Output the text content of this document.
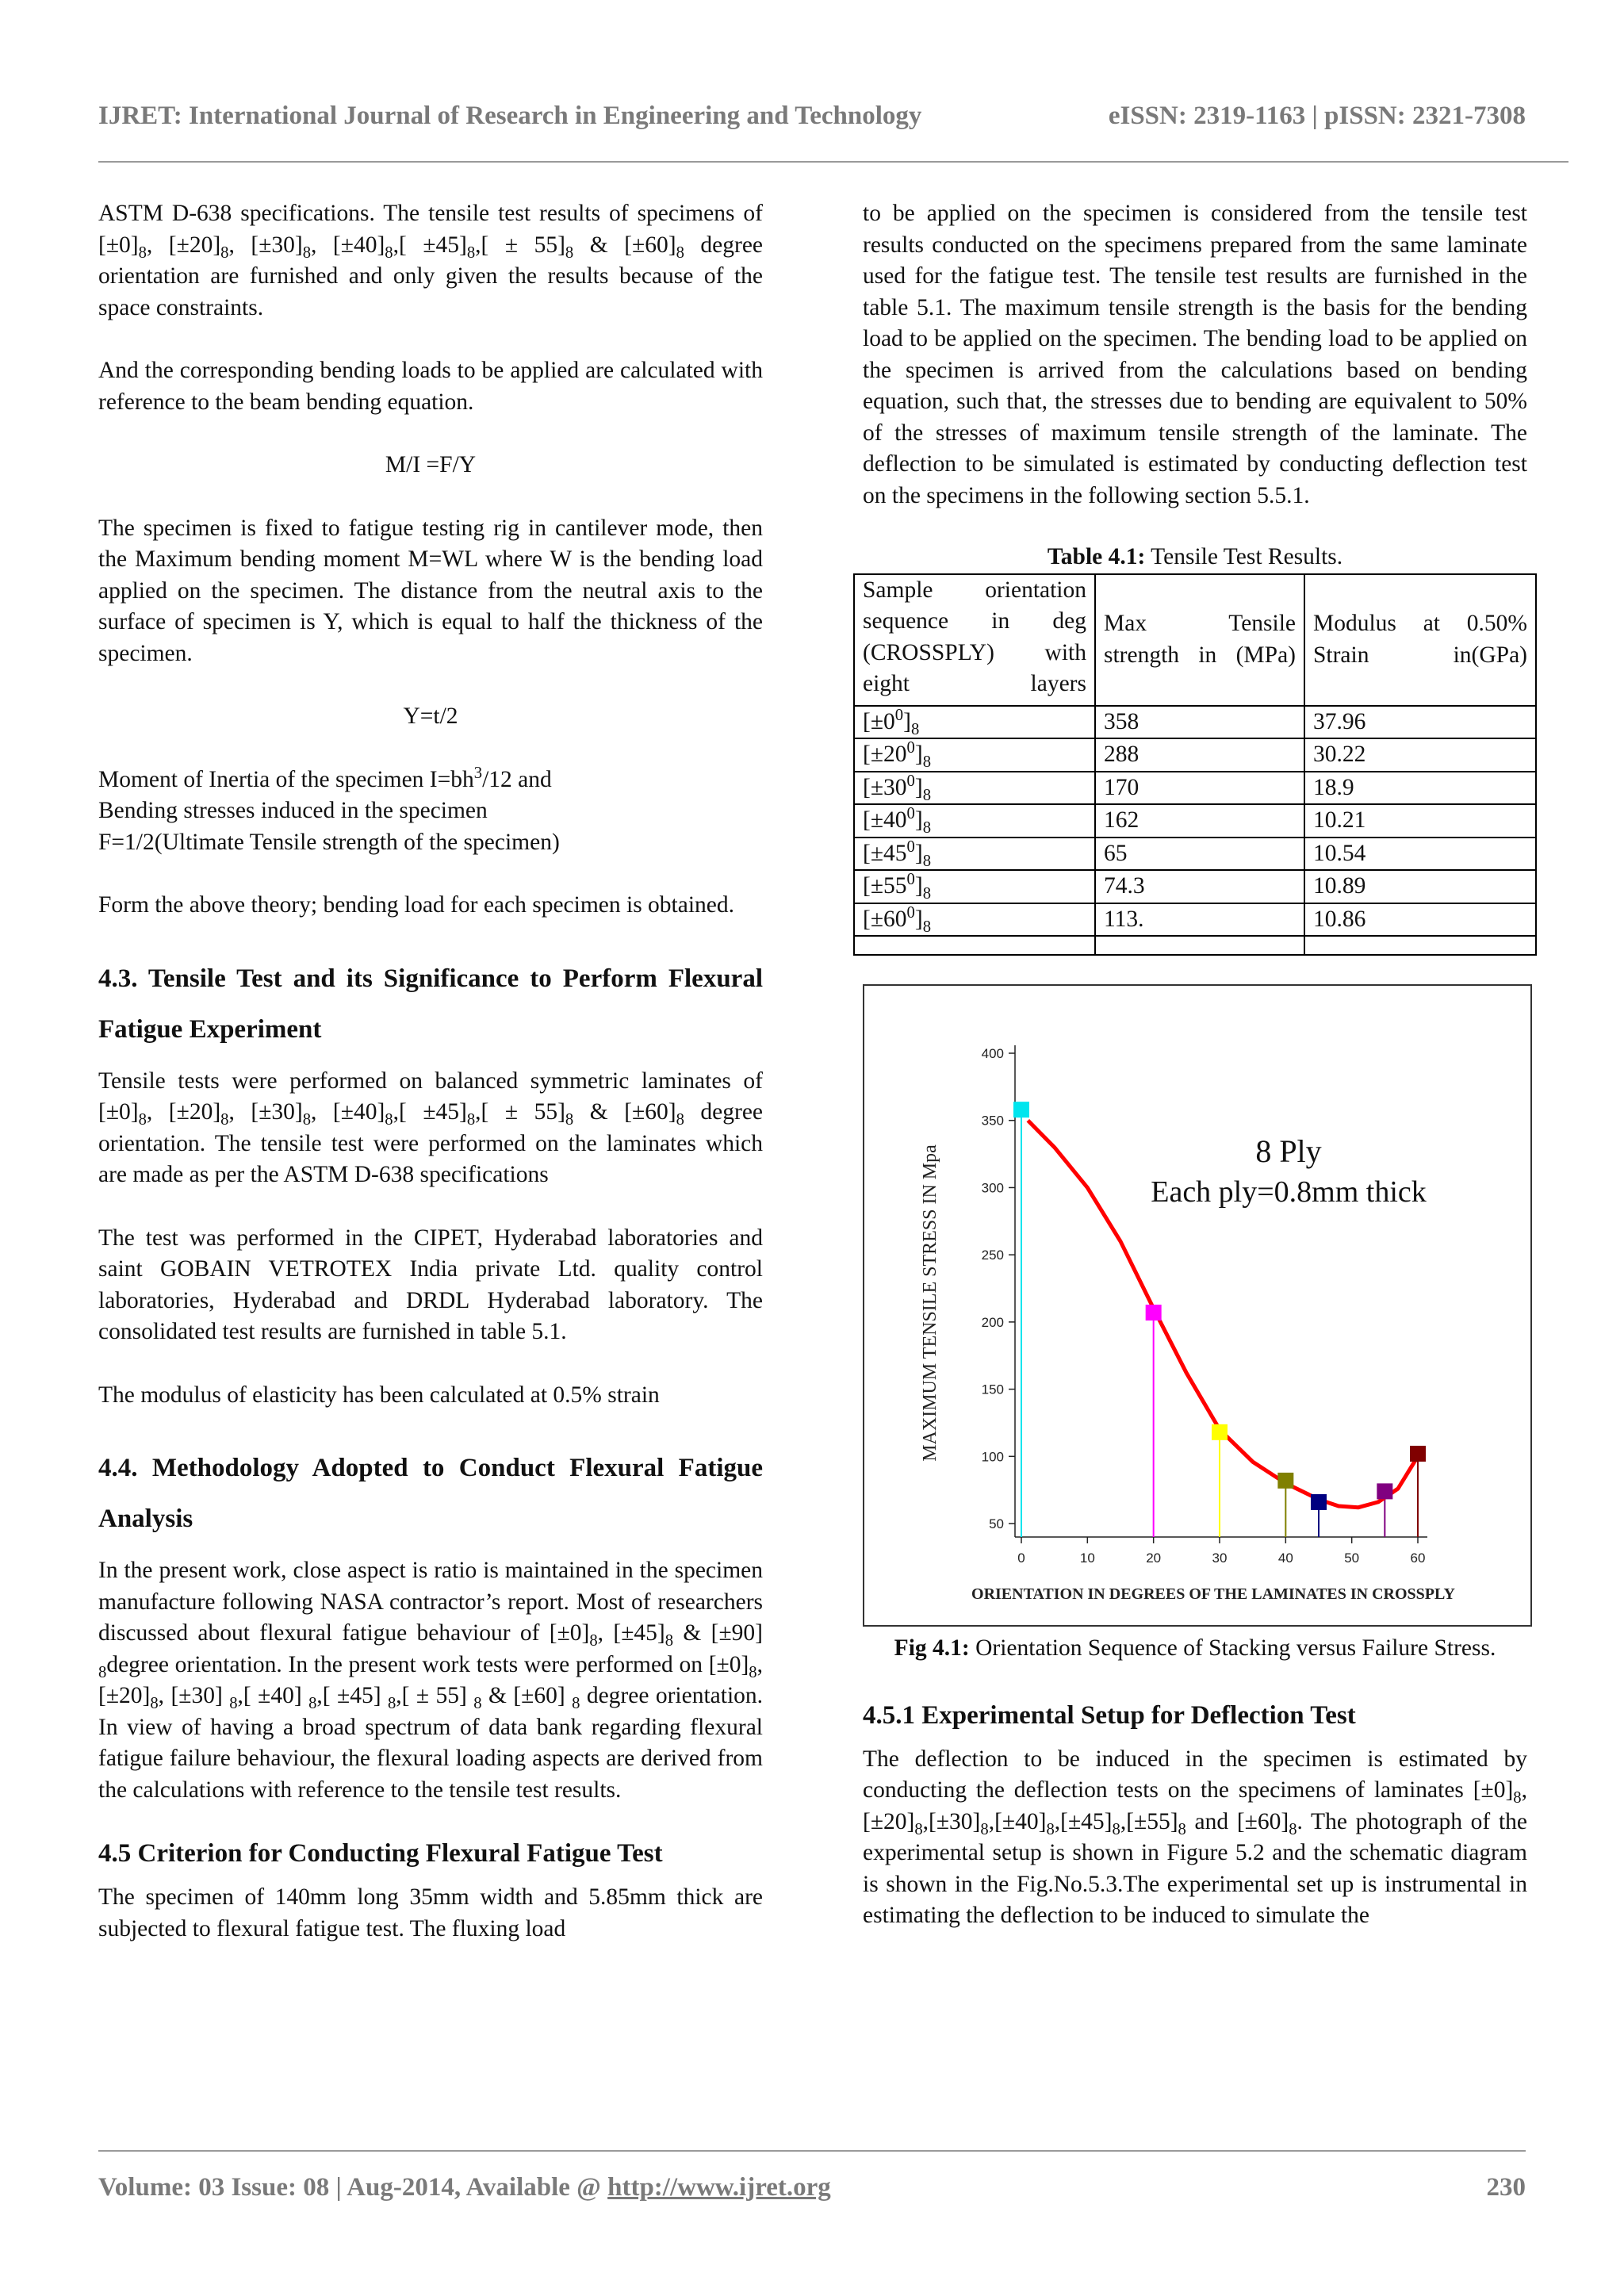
IJRET: International Journal of Research in Engineering and Technology	eISSN: 2319-1163 | pISSN: 2321-7308

ASTM D-638 specifications. The tensile test results of specimens of $[\pm 0]_8$, $[\pm 20]_8$, $[\pm 30]_8$, $[\pm 40]_8,[ \pm 45]_8,[ \pm 55]_8$ & $[\pm 60]_8$ degree orientation are furnished and only given the results because of the space constraints.

And the corresponding bending loads to be applied are calculated with reference to the beam bending equation.

M/I =F/Y

The specimen is fixed to fatigue testing rig in cantilever mode, then the Maximum bending moment M=WL where W is the bending load applied on the specimen. The distance from the neutral axis to the surface of specimen is Y, which is equal to half the thickness of the specimen.

Y=t/2

Moment of Inertia of the specimen $I=bh^3/12$ and
Bending stresses induced in the specimen
F=1/2(Ultimate Tensile strength of the specimen)

Form the above theory; bending load for each specimen is obtained.

4.3. Tensile Test and its Significance to Perform Flexural Fatigue Experiment

Tensile tests were performed on balanced symmetric laminates of $[\pm 0]_8$, $[\pm 20]_8$, $[\pm 30]_8$, $[\pm 40]_8,[ \pm 45]_8,[ \pm 55]_8$ & $[\pm 60]_8$ degree orientation. The tensile test were performed on the laminates which are made as per the ASTM D-638 specifications

The test was performed in the CIPET, Hyderabad laboratories and saint GOBAIN VETROTEX India private Ltd. quality control laboratories, Hyderabad and DRDL Hyderabad laboratory. The consolidated test results are furnished in table 5.1.

The modulus of elasticity has been calculated at 0.5% strain

4.4. Methodology Adopted to Conduct Flexural Fatigue Analysis

In the present work, close aspect is ratio is maintained in the specimen manufacture following NASA contractor’s report. Most of researchers discussed about flexural fatigue behaviour of $[\pm 0]_8$, $[\pm 45]_8$ & [±90] $_8$degree orientation. In the present work tests were performed on $[\pm 0]_8$, $[\pm 20]_8$, [±30] $_8$,[ ±40] $_8$,[ ±45] $_8$,[ ± 55] $_8$ & [±60] $_8$ degree orientation. In view of having a broad spectrum of data bank regarding flexural fatigue failure behaviour, the flexural loading aspects are derived from the calculations with reference to the tensile test results.

4.5 Criterion for Conducting Flexural Fatigue Test

The specimen of 140mm long 35mm width and 5.85mm thick are subjected to flexural fatigue test. The fluxing load

to be applied on the specimen is considered from the tensile test results conducted on the specimens prepared from the same laminate used for the fatigue test. The tensile test results are furnished in the table 5.1. The maximum tensile strength is the basis for the bending load to be applied on the specimen. The bending load to be applied on the specimen is arrived from the calculations based on bending equation, such that, the stresses due to bending are equivalent to 50% of the stresses of maximum tensile strength of the laminate. The deflection to be simulated is estimated by conducting deflection test on the specimens in the following section 5.5.1.

Table 4.1: Tensile Test Results.

Sample orientation sequence in deg (CROSSPLY) with eight layers	Max Tensile strength in (MPa)	Modulus at 0.50% Strain in(GPa)

$[\pm 0^0]_8$	358	37.96
$[\pm 20^0]_8$	288	30.22
$[\pm 30^0]_8$	170	18.9
$[\pm 40^0]_8$	162	10.21
$[\pm 45^0]_8$	65	10.54
$[\pm 55^0]_8$	74.3	10.89
$[\pm 60^0]_8$	113.	10.86

50
100
150
200
250
300
350
400
0	10	20	30	40	50	60
8 Ply
Each ply=0.8mm thick
ORIENTATION IN DEGREES OF THE LAMINATES IN CROSSPLY
MAXIMUM TENSILE STRESS IN Mpa

Fig 4.1: Orientation Sequence of Stacking versus Failure Stress.

4.5.1 Experimental Setup for Deflection Test

The deflection to be induced in the specimen is estimated by conducting the deflection tests on the specimens of laminates $[\pm 0]_8,[\pm 20]_8,[\pm 30]_8,[\pm 40]_8,[\pm 45]_8,[\pm 55]_8$ and $[\pm 60]_8$. The photograph of the experimental setup is shown in Figure 5.2 and the schematic diagram is shown in the Fig.No.5.3.The experimental set up is instrumental in estimating the deflection to be induced to simulate the

Volume: 03 Issue: 08 | Aug-2014, Available @ http://www.ijret.org	230
